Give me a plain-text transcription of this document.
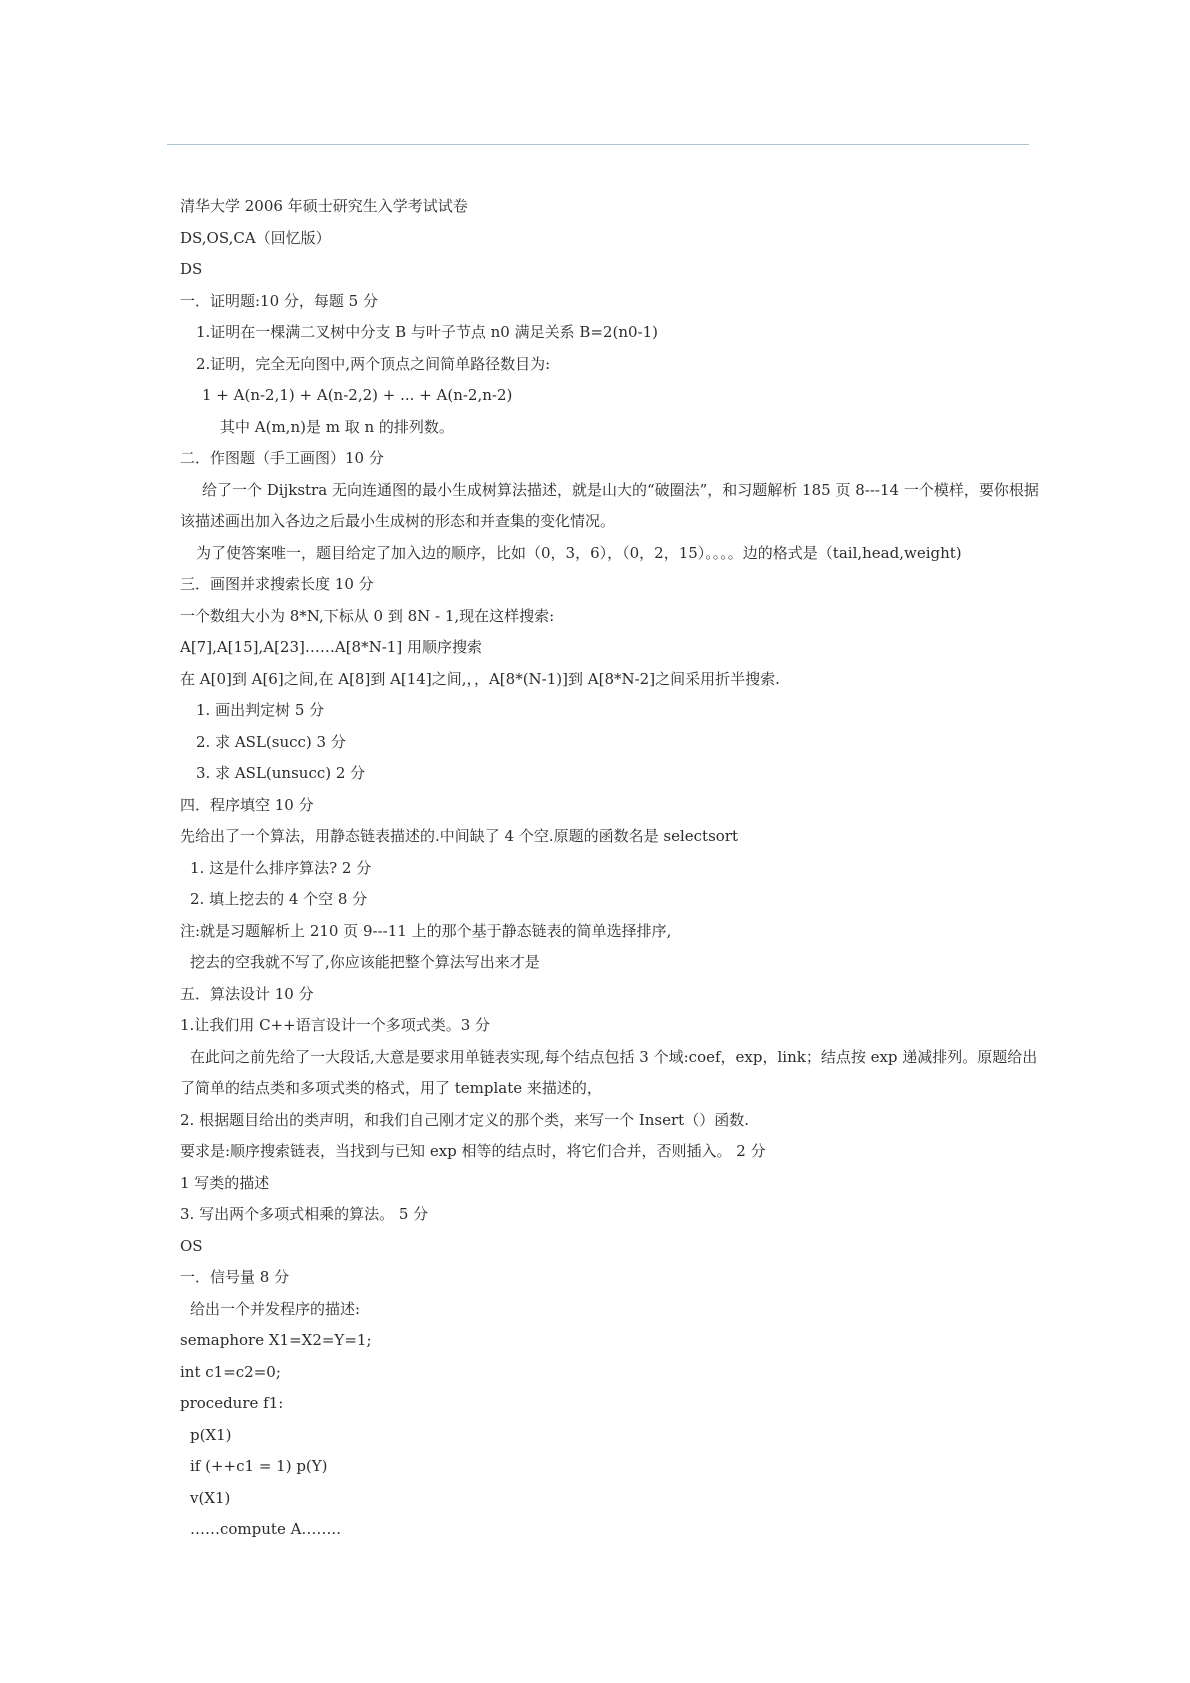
清华大学 2006 年硕士研究生入学考试试卷
DS,OS,CA（回忆版）
DS
一．证明题:10 分，每题 5 分
1.证明在一棵满二叉树中分支 B 与叶子节点 n0 满足关系 B=2(n0-1)
2.证明，完全无向图中,两个顶点之间简单路径数目为:
1 + A(n-2,1) + A(n-2,2) + ... + A(n-2,n-2)
其中 A(m,n)是 m 取 n 的排列数。
二．作图题（手工画图）10 分
给了一个 Dijkstra 无向连通图的最小生成树算法描述，就是山大的“破圈法”，和习题解析 185 页 8---14 一个模样，要你根据
该描述画出加入各边之后最小生成树的形态和并查集的变化情况。
为了使答案唯一，题目给定了加入边的顺序，比如（0，3，6），（0，2，15）。。。。边的格式是（tail,head,weight)
三．画图并求搜索长度 10 分
一个数组大小为 8*N,下标从 0 到 8N - 1,现在这样搜索:
A[7],A[15],A[23]……A[8*N-1] 用顺序搜索
在 A[0]到 A[6]之间,在 A[8]到 A[14]之间,，，A[8*(N-1)]到 A[8*N-2]之间采用折半搜索.
1. 画出判定树 5 分
2. 求 ASL(succ) 3 分
3. 求 ASL(unsucc) 2 分
四．程序填空 10 分
先给出了一个算法，用静态链表描述的.中间缺了 4 个空.原题的函数名是 selectsort
1. 这是什么排序算法? 2 分
2. 填上挖去的 4 个空 8 分
注:就是习题解析上 210 页 9---11 上的那个基于静态链表的简单选择排序,
挖去的空我就不写了,你应该能把整个算法写出来才是
五．算法设计 10 分
1.让我们用 C++语言设计一个多项式类。3 分
在此问之前先给了一大段话,大意是要求用单链表实现,每个结点包括 3 个域:coef，exp，link；结点按 exp 递减排列。原题给出
了简单的结点类和多项式类的格式，用了 template 来描述的，
2. 根据题目给出的类声明，和我们自己刚才定义的那个类，来写一个 Insert（）函数.
要求是:顺序搜索链表，当找到与已知 exp 相等的结点时，将它们合并，否则插入。 2 分
1 写类的描述
3. 写出两个多项式相乘的算法。 5 分
OS
一．信号量 8 分
给出一个并发程序的描述:
semaphore X1=X2=Y=1;
int c1=c2=0;
procedure f1:
p(X1)
if (++c1 = 1) p(Y)
v(X1)
……compute A……..
